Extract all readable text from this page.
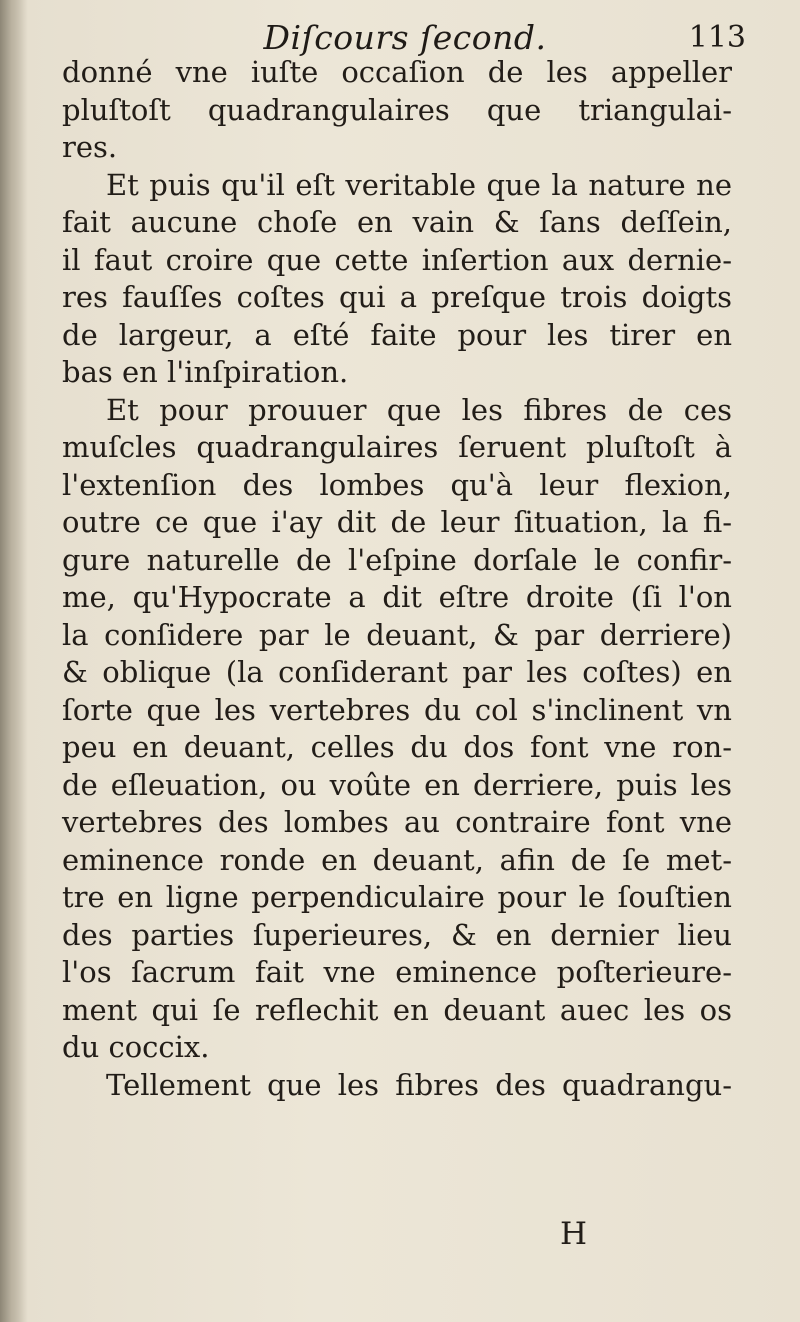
Diſcours ſecond.	113
donné vne iuſte occaſion de les appeller
pluſtoſt quadrangulaires que triangulai-
res.
Et puis qu'il eſt veritable que la nature ne
fait aucune choſe en vain & ſans deſſein,
il faut croire que cette inſertion aux dernie-
res fauſſes coſtes qui a preſque trois doigts
de largeur, a eſté faite pour les tirer en
bas en l'inſpiration.
Et pour prouuer que les fibres de ces
muſcles quadrangulaires ſeruent pluſtoſt à
l'extenſion des lombes qu'à leur flexion,
outre ce que i'ay dit de leur ſituation, la fi-
gure naturelle de l'eſpine dorſale le confir-
me, qu'Hypocrate a dit eſtre droite (ſi l'on
la conſidere par le deuant, & par derriere)
& oblique (la conſiderant par les coſtes) en
ſorte que les vertebres du col s'inclinent vn
peu en deuant, celles du dos font vne ron-
de eſleuation, ou voûte en derriere, puis les
vertebres des lombes au contraire font vne
eminence ronde en deuant, afin de ſe met-
tre en ligne perpendiculaire pour le ſouſtien
des parties ſuperieures, & en dernier lieu
l'os ſacrum fait vne eminence poſterieure-
ment qui ſe reflechit en deuant auec les os
du coccix.
Tellement que les fibres des quadrangu-
H
